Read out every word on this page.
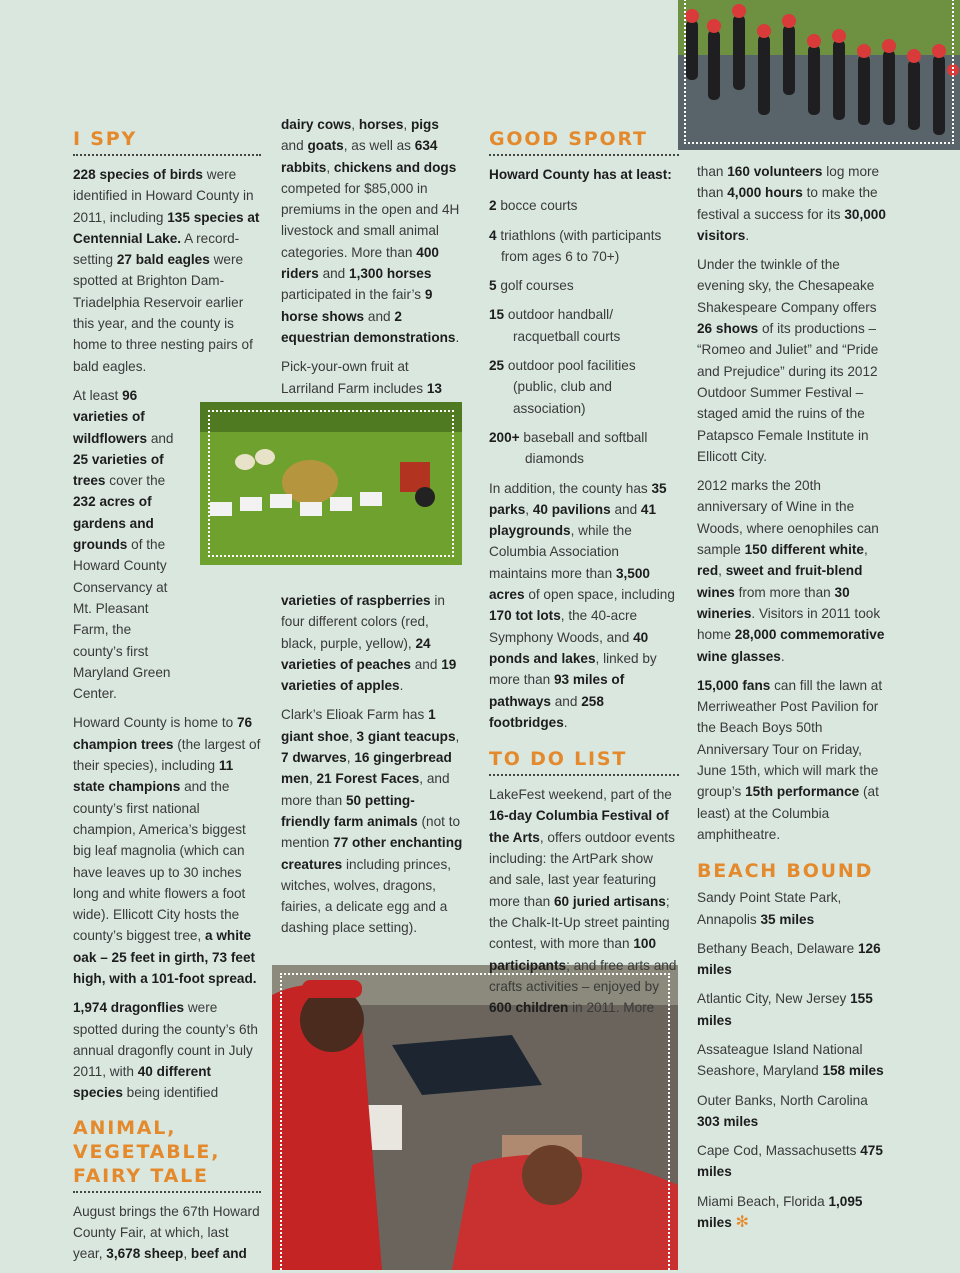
I SPY

228 species of birds were identified in Howard County in 2011, including 135 species at Centennial Lake. A record-setting 27 bald eagles were spotted at Brighton Dam-Triadelphia Reservoir earlier this year, and the county is home to three nesting pairs of bald eagles.

At least 96 varieties of wildflowers and 25 varieties of trees cover the 232 acres of gardens and grounds of the Howard County Conservancy at Mt. Pleasant Farm, the county’s first Maryland Green Center.

Howard County is home to 76 champion trees (the largest of their species), including 11 state champions and the county’s first national champion, America’s biggest big leaf magnolia (which can have leaves up to 30 inches long and white flowers a foot wide). Ellicott City hosts the county’s biggest tree, a white oak – 25 feet in girth, 73 feet high, with a 101-foot spread.

1,974 dragonflies were spotted during the county’s 6th annual dragonfly count in July 2011, with 40 different species being identified

ANIMAL,
VEGETABLE,
FAIRY TALE

August brings the 67th Howard County Fair, at which, last year, 3,678 sheep, beef and

dairy cows, horses, pigs and goats, as well as 634 rabbits, chickens and dogs competed for $85,000 in premiums in the open and 4H livestock and small animal categories. More than 400 riders and 1,300 horses participated in the fair’s 9 horse shows and 2 equestrian demonstrations.

Pick-your-own fruit at Larriland Farm includes 13

varieties of raspberries in four different colors (red, black, purple, yellow), 24 varieties of peaches and 19 varieties of apples.

Clark’s Elioak Farm has 1 giant shoe, 3 giant teacups, 7 dwarves, 16 gingerbread men, 21 Forest Faces, and more than 50 petting-friendly farm animals (not to mention 77 other enchanting creatures including princes, witches, wolves, dragons, fairies, a delicate egg and a dashing place setting).

GOOD SPORT

Howard County has at least:

2 bocce courts

4 triathlons (with participants from ages 6 to 70+)

5 golf courses

15 outdoor handball/ racquetball courts

25 outdoor pool facilities (public, club and association)

200+ baseball and softball diamonds

In addition, the county has 35 parks, 40 pavilions and 41 playgrounds, while the Columbia Association maintains more than 3,500 acres of open space, including 170 tot lots, the 40-acre Symphony Woods, and 40 ponds and lakes, linked by more than 93 miles of pathways and 258 footbridges.

TO DO LIST

LakeFest weekend, part of the 16-day Columbia Festival of the Arts, offers outdoor events including: the ArtPark show and sale, last year featuring more than 60 juried artisans; the Chalk-It-Up street painting contest, with more than 100 participants; and free arts and crafts activities – enjoyed by 600 children in 2011. More

than 160 volunteers log more than 4,000 hours to make the festival a success for its 30,000 visitors.

Under the twinkle of the evening sky, the Chesapeake Shakespeare Company offers 26 shows of its productions – “Romeo and Juliet” and “Pride and Prejudice” during its 2012 Outdoor Summer Festival – staged amid the ruins of the Patapsco Female Institute in Ellicott City.

2012 marks the 20th anniversary of Wine in the Woods, where oenophiles can sample 150 different white, red, sweet and fruit-blend wines from more than 30 wineries. Visitors in 2011 took home 28,000 commemorative wine glasses.

15,000 fans can fill the lawn at Merriweather Post Pavilion for the Beach Boys 50th Anniversary Tour on Friday, June 15th, which will mark the group’s 15th performance (at least) at the Columbia amphitheatre.

BEACH BOUND

Sandy Point State Park, Annapolis 35 miles

Bethany Beach, Delaware 126 miles

Atlantic City, New Jersey 155 miles

Assateague Island National Seashore, Maryland 158 miles

Outer Banks, North Carolina 303 miles

Cape Cod, Massachusetts 475 miles

Miami Beach, Florida 1,095 miles ✻
